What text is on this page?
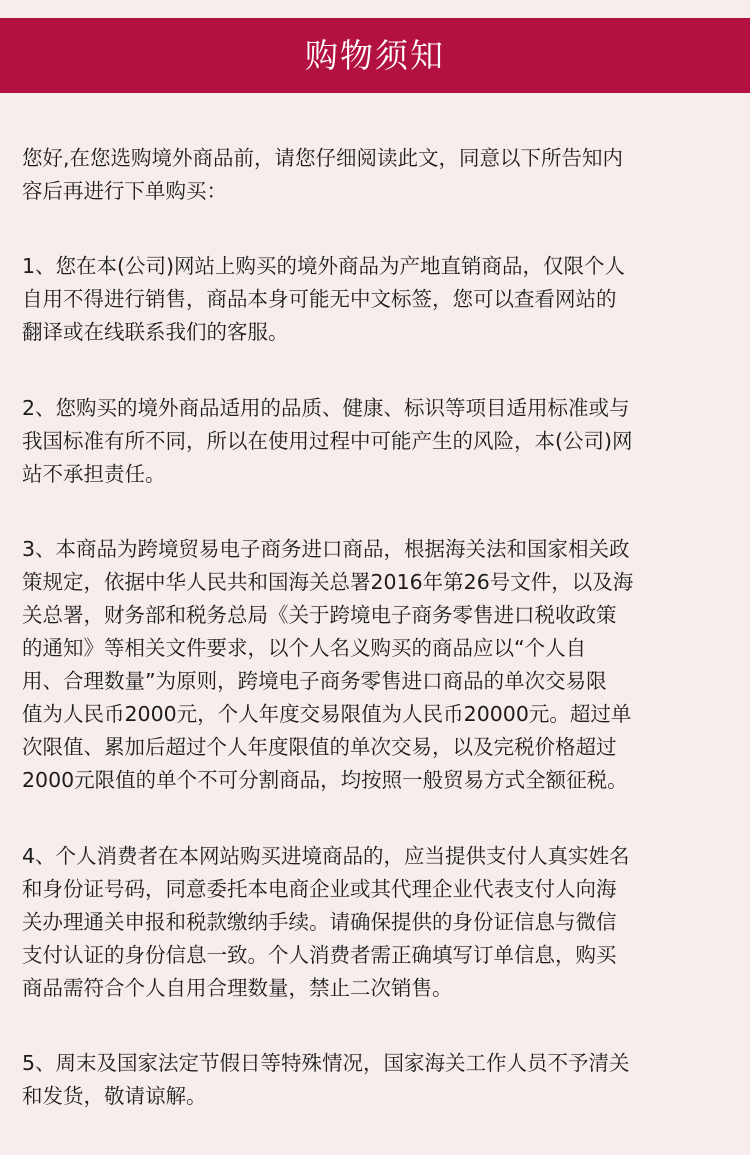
购物须知

您好,在您选购境外商品前，请您仔细阅读此文，同意以下所告知内
容后再进行下单购买：

1、您在本(公司)网站上购买的境外商品为产地直销商品，仅限个人
自用不得进行销售，商品本身可能无中文标签，您可以查看网站的
翻译或在线联系我们的客服。

2、您购买的境外商品适用的品质、健康、标识等项目适用标准或与
我国标准有所不同，所以在使用过程中可能产生的风险，本(公司)网
站不承担责任。

3、本商品为跨境贸易电子商务进口商品，根据海关法和国家相关政
策规定，依据中华人民共和国海关总署2016年第26号文件，以及海
关总署，财务部和税务总局《关于跨境电子商务零售进口税收政策
的通知》等相关文件要求，以个人名义购买的商品应以“个人自
用、合理数量”为原则，跨境电子商务零售进口商品的单次交易限
值为人民币2000元，个人年度交易限值为人民币20000元。超过单
次限值、累加后超过个人年度限值的单次交易，以及完税价格超过
2000元限值的单个不可分割商品，均按照一般贸易方式全额征税。

4、个人消费者在本网站购买进境商品的，应当提供支付人真实姓名
和身份证号码，同意委托本电商企业或其代理企业代表支付人向海
关办理通关申报和税款缴纳手续。请确保提供的身份证信息与微信
支付认证的身份信息一致。个人消费者需正确填写订单信息，购买
商品需符合个人自用合理数量，禁止二次销售。

5、周末及国家法定节假日等特殊情况，国家海关工作人员不予清关
和发货，敬请谅解。
